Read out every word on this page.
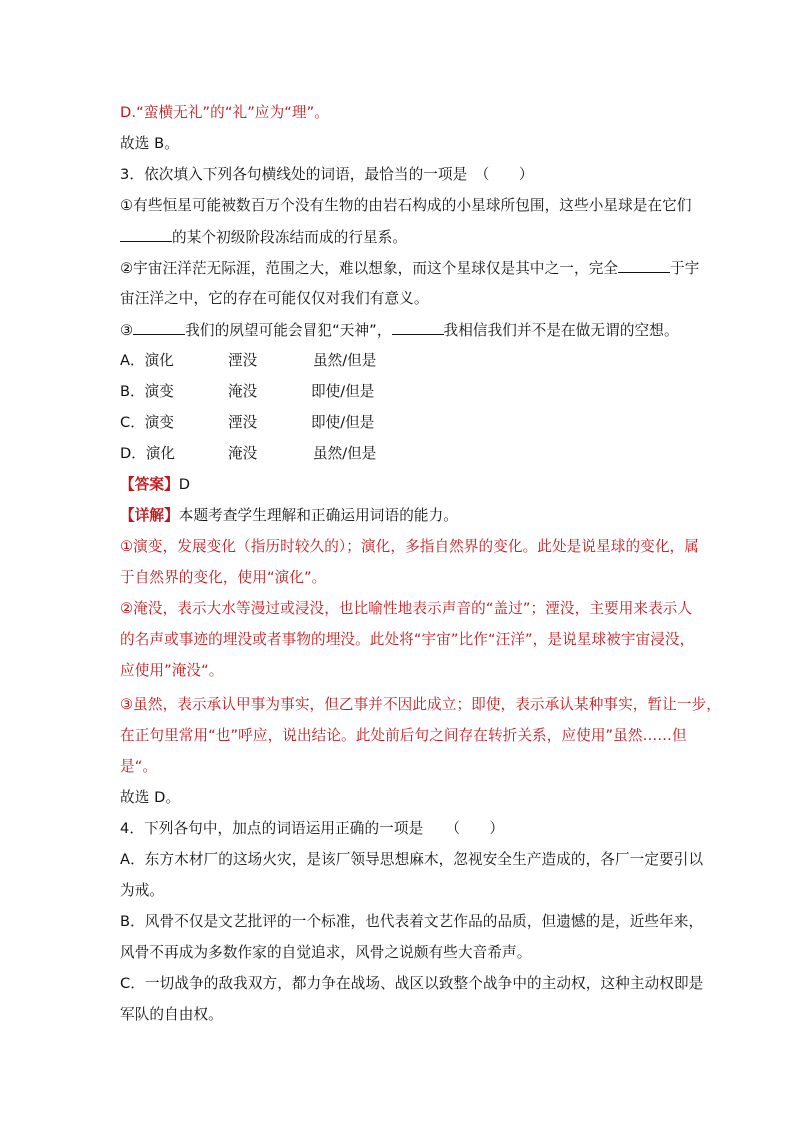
D.“蛮横无礼”的“礼”应为“理”。
故选 B。
3．依次填入下列各句横线处的词语，最恰当的一项是　（　　）
①有些恒星可能被数百万个没有生物的由岩石构成的小星球所包围，这些小星球是在它们
的某个初级阶段冻结而成的行星系。
②宇宙汪洋茫无际涯，范围之大，难以想象，而这个星球仅是其中之一，完全	于宇
宙汪洋之中，它的存在可能仅仅对我们有意义。
③	我们的夙望可能会冒犯“天神”，	我相信我们并不是在做无谓的空想。
A．演化	湮没	虽然/但是
B．演变	淹没	即使/但是
C．演变	湮没	即使/但是
D．演化	淹没	虽然/但是
【答案】D
【详解】本题考查学生理解和正确运用词语的能力。
①演变，发展变化（指历时较久的）；演化，多指自然界的变化。此处是说星球的变化，属
于自然界的变化，使用“演化”。
②淹没，表示大水等漫过或浸没，也比喻性地表示声音的“盖过”；湮没，主要用来表示人
的名声或事迹的埋没或者事物的埋没。此处将“宇宙”比作“汪洋”，是说星球被宇宙浸没，
应使用”淹没“。
③虽然，表示承认甲事为事实，但乙事并不因此成立；即使，表示承认某种事实，暂让一步，
在正句里常用“也”呼应，说出结论。此处前后句之间存在转折关系，应使用”虽然……但
是“。
故选 D。
4．下列各句中，加点的词语运用正确的一项是　　（　　）
A．东方木材厂的这场火灾，是该厂领导思想麻木，忽视安全生产造成的，各厂一定要引以
为戒。
B．风骨不仅是文艺批评的一个标准，也代表着文艺作品的品质，但遗憾的是，近些年来，
风骨不再成为多数作家的自觉追求，风骨之说颇有些大音希声。
C．一切战争的敌我双方，都力争在战场、战区以致整个战争中的主动权，这种主动权即是
军队的自由权。
